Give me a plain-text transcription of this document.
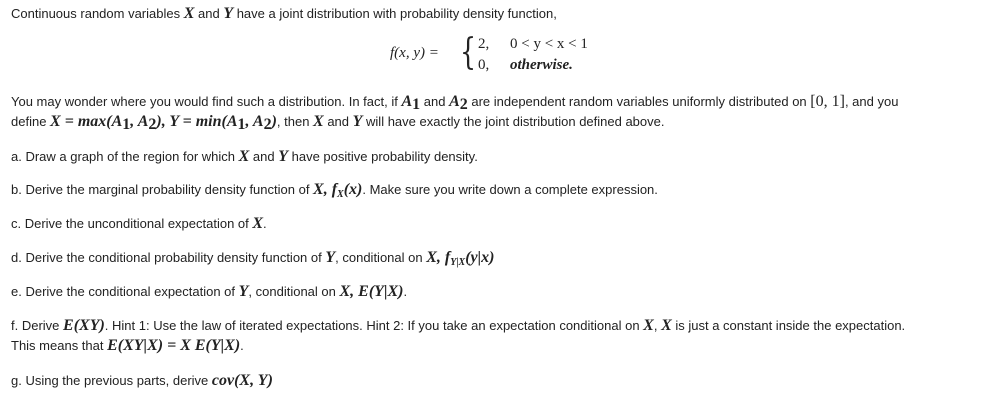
Continuous random variables X and Y have a joint distribution with probability density function,
f(x, y) = { 2, 0 < y < x < 1
0, otherwise.
You may wonder where you would find such a distribution. In fact, if $A_1$ and $A_2$ are independent random variables uniformly distributed on [0, 1], and you
define $X = \max(A_1$, $A_2$), $Y = \min(A_1$, $A_2$), then X and Y will have exactly the joint distribution defined above.
a. Draw a graph of the region for which X and Y have positive probability density.
b. Derive the marginal probability density function of X, $f_X(x)$. Make sure you write down a complete expression.
c. Derive the unconditional expectation of X.
d. Derive the conditional probability density function of Y, conditional on X, $f_{Y|X}(y|x)$
e. Derive the conditional expectation of Y, conditional on X, E(Y|X).
f. Derive E(XY). Hint 1: Use the law of iterated expectations. Hint 2: If you take an expectation conditional on X, X is just a constant inside the expectation.
This means that E(XY|X) = X E(Y|X).
g. Using the previous parts, derive cov(X, Y)
